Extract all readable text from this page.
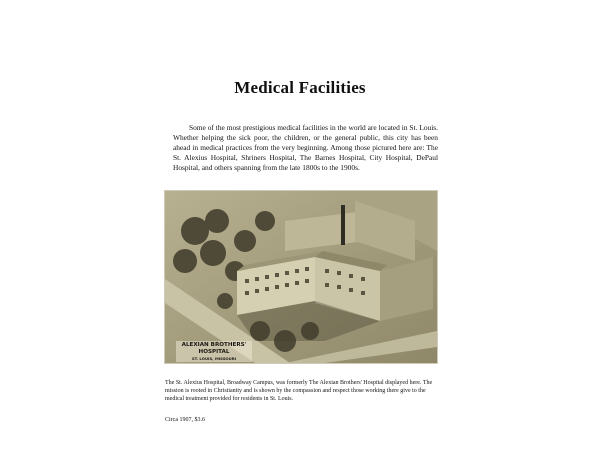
Medical Facilities

Some of the most prestigious medical facilities in the world are located in St. Louis. Whether helping the sick poor, the children, or the general public, this city has been ahead in medical practices from the very beginning. Among those pictured here are: The St. Alexius Hospital, Shriners Hospital, The Barnes Hospital, City Hospital, DePaul Hospital, and others spanning from the late 1800s to the 1900s.

ALEXIAN BROTHERS' HOSPITAL
ST. LOUIS, MISSOURI

The St. Alexius Hospital, Broadway Campus, was formerly The Alexian Brothers' Hospital displayed here. The mission is rooted in Christianity and is shown by the compassion and respect those working there give to the medical treatment provided for residents in St. Louis.

Circa 1907, $3.6
